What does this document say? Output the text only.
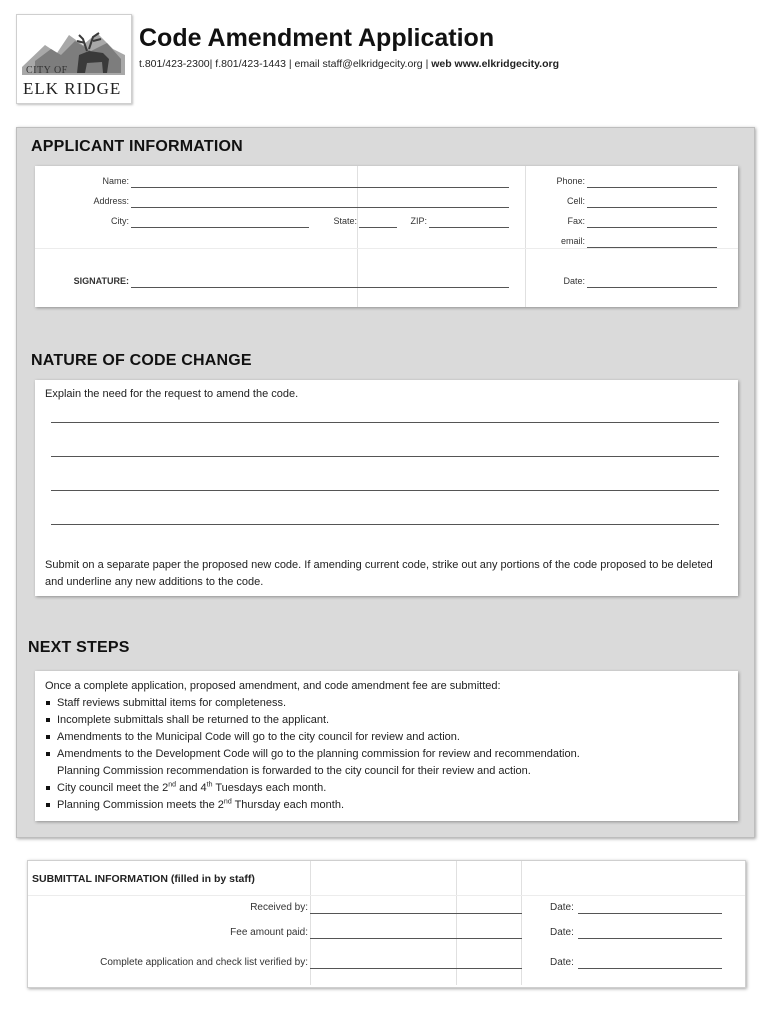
CITY OF
ELK RIDGE
Code Amendment Application
t.801/423-2300| f.801/423-1443 | email staff@elkridgecity.org | web www.elkridgecity.org
APPLICANT INFORMATION
Name:
Address:
City:	State:	ZIP:
Phone:
Cell:
Fax:
email:
SIGNATURE:	Date:
NATURE OF CODE CHANGE
Explain the need for the request to amend the code.
Submit on a separate paper the proposed new code. If amending current code, strike out any portions of the code proposed to be deleted and underline any new additions to the code.
NEXT STEPS
Once a complete application, proposed amendment, and code amendment fee are submitted:
Staff reviews submittal items for completeness.
Incomplete submittals shall be returned to the applicant.
Amendments to the Municipal Code will go to the city council for review and action.
Amendments to the Development Code will go to the planning commission for review and recommendation.
Planning Commission recommendation is forwarded to the city council for their review and action.
City council meet the 2nd and 4th Tuesdays each month.
Planning Commission meets the 2nd Thursday each month.
SUBMITTAL INFORMATION (filled in by staff)
Received by:	Date:
Fee amount paid:	Date:
Complete application and check list verified by:	Date:
